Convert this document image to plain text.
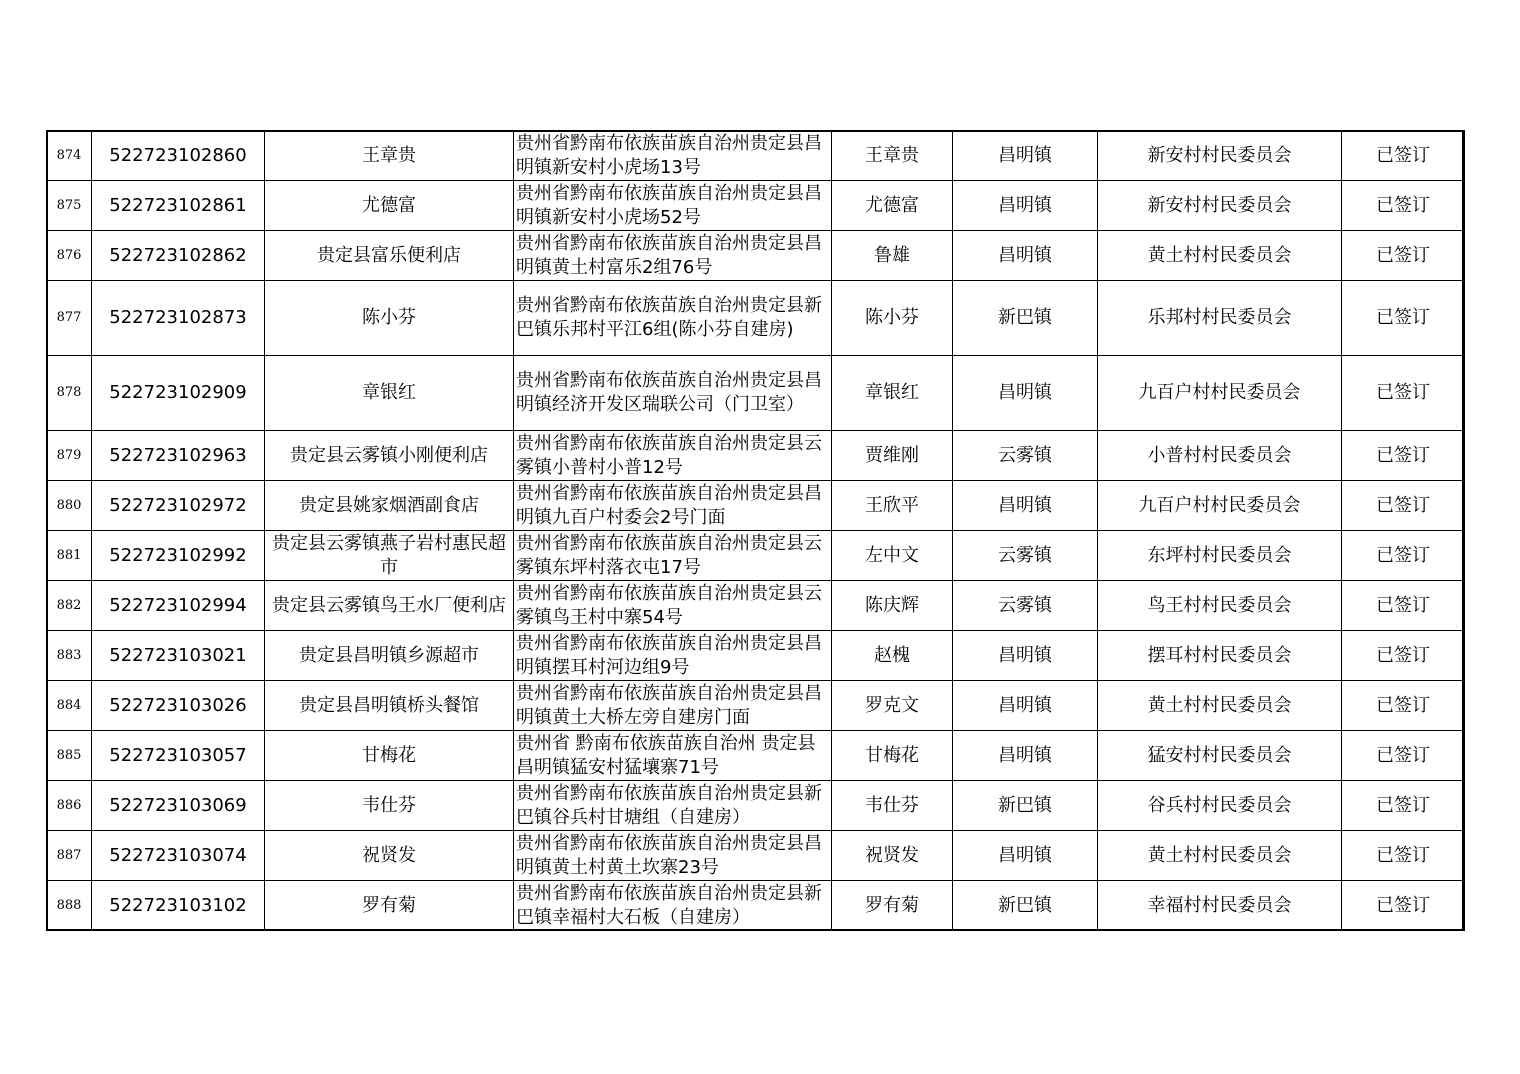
874	522723102860	王章贵	贵州省黔南布依族苗族自治州贵定县昌明镇新安村小虎场13号	王章贵	昌明镇	新安村村民委员会	已签订
875	522723102861	尤德富	贵州省黔南布依族苗族自治州贵定县昌明镇新安村小虎场52号	尤德富	昌明镇	新安村村民委员会	已签订
876	522723102862	贵定县富乐便利店	贵州省黔南布依族苗族自治州贵定县昌明镇黄土村富乐2组76号	鲁雄	昌明镇	黄土村村民委员会	已签订
877	522723102873	陈小芬	贵州省黔南布依族苗族自治州贵定县新巴镇乐邦村平江6组(陈小芬自建房)	陈小芬	新巴镇	乐邦村村民委员会	已签订
878	522723102909	章银红	贵州省黔南布依族苗族自治州贵定县昌明镇经济开发区瑞联公司（门卫室）	章银红	昌明镇	九百户村村民委员会	已签订
879	522723102963	贵定县云雾镇小刚便利店	贵州省黔南布依族苗族自治州贵定县云雾镇小普村小普12号	贾维刚	云雾镇	小普村村民委员会	已签订
880	522723102972	贵定县姚家烟酒副食店	贵州省黔南布依族苗族自治州贵定县昌明镇九百户村委会2号门面	王欣平	昌明镇	九百户村村民委员会	已签订
881	522723102992	贵定县云雾镇燕子岩村惠民超市	贵州省黔南布依族苗族自治州贵定县云雾镇东坪村落衣屯17号	左中文	云雾镇	东坪村村民委员会	已签订
882	522723102994	贵定县云雾镇鸟王水厂便利店	贵州省黔南布依族苗族自治州贵定县云雾镇鸟王村中寨54号	陈庆辉	云雾镇	鸟王村村民委员会	已签订
883	522723103021	贵定县昌明镇乡源超市	贵州省黔南布依族苗族自治州贵定县昌明镇摆耳村河边组9号	赵槐	昌明镇	摆耳村村民委员会	已签订
884	522723103026	贵定县昌明镇桥头餐馆	贵州省黔南布依族苗族自治州贵定县昌明镇黄土大桥左旁自建房门面	罗克文	昌明镇	黄土村村民委员会	已签订
885	522723103057	甘梅花	贵州省 黔南布依族苗族自治州 贵定县昌明镇猛安村猛壤寨71号	甘梅花	昌明镇	猛安村村民委员会	已签订
886	522723103069	韦仕芬	贵州省黔南布依族苗族自治州贵定县新巴镇谷兵村甘塘组（自建房）	韦仕芬	新巴镇	谷兵村村民委员会	已签订
887	522723103074	祝贤发	贵州省黔南布依族苗族自治州贵定县昌明镇黄土村黄土坎寨23号	祝贤发	昌明镇	黄土村村民委员会	已签订
888	522723103102	罗有菊	贵州省黔南布依族苗族自治州贵定县新巴镇幸福村大石板（自建房）	罗有菊	新巴镇	幸福村村民委员会	已签订
